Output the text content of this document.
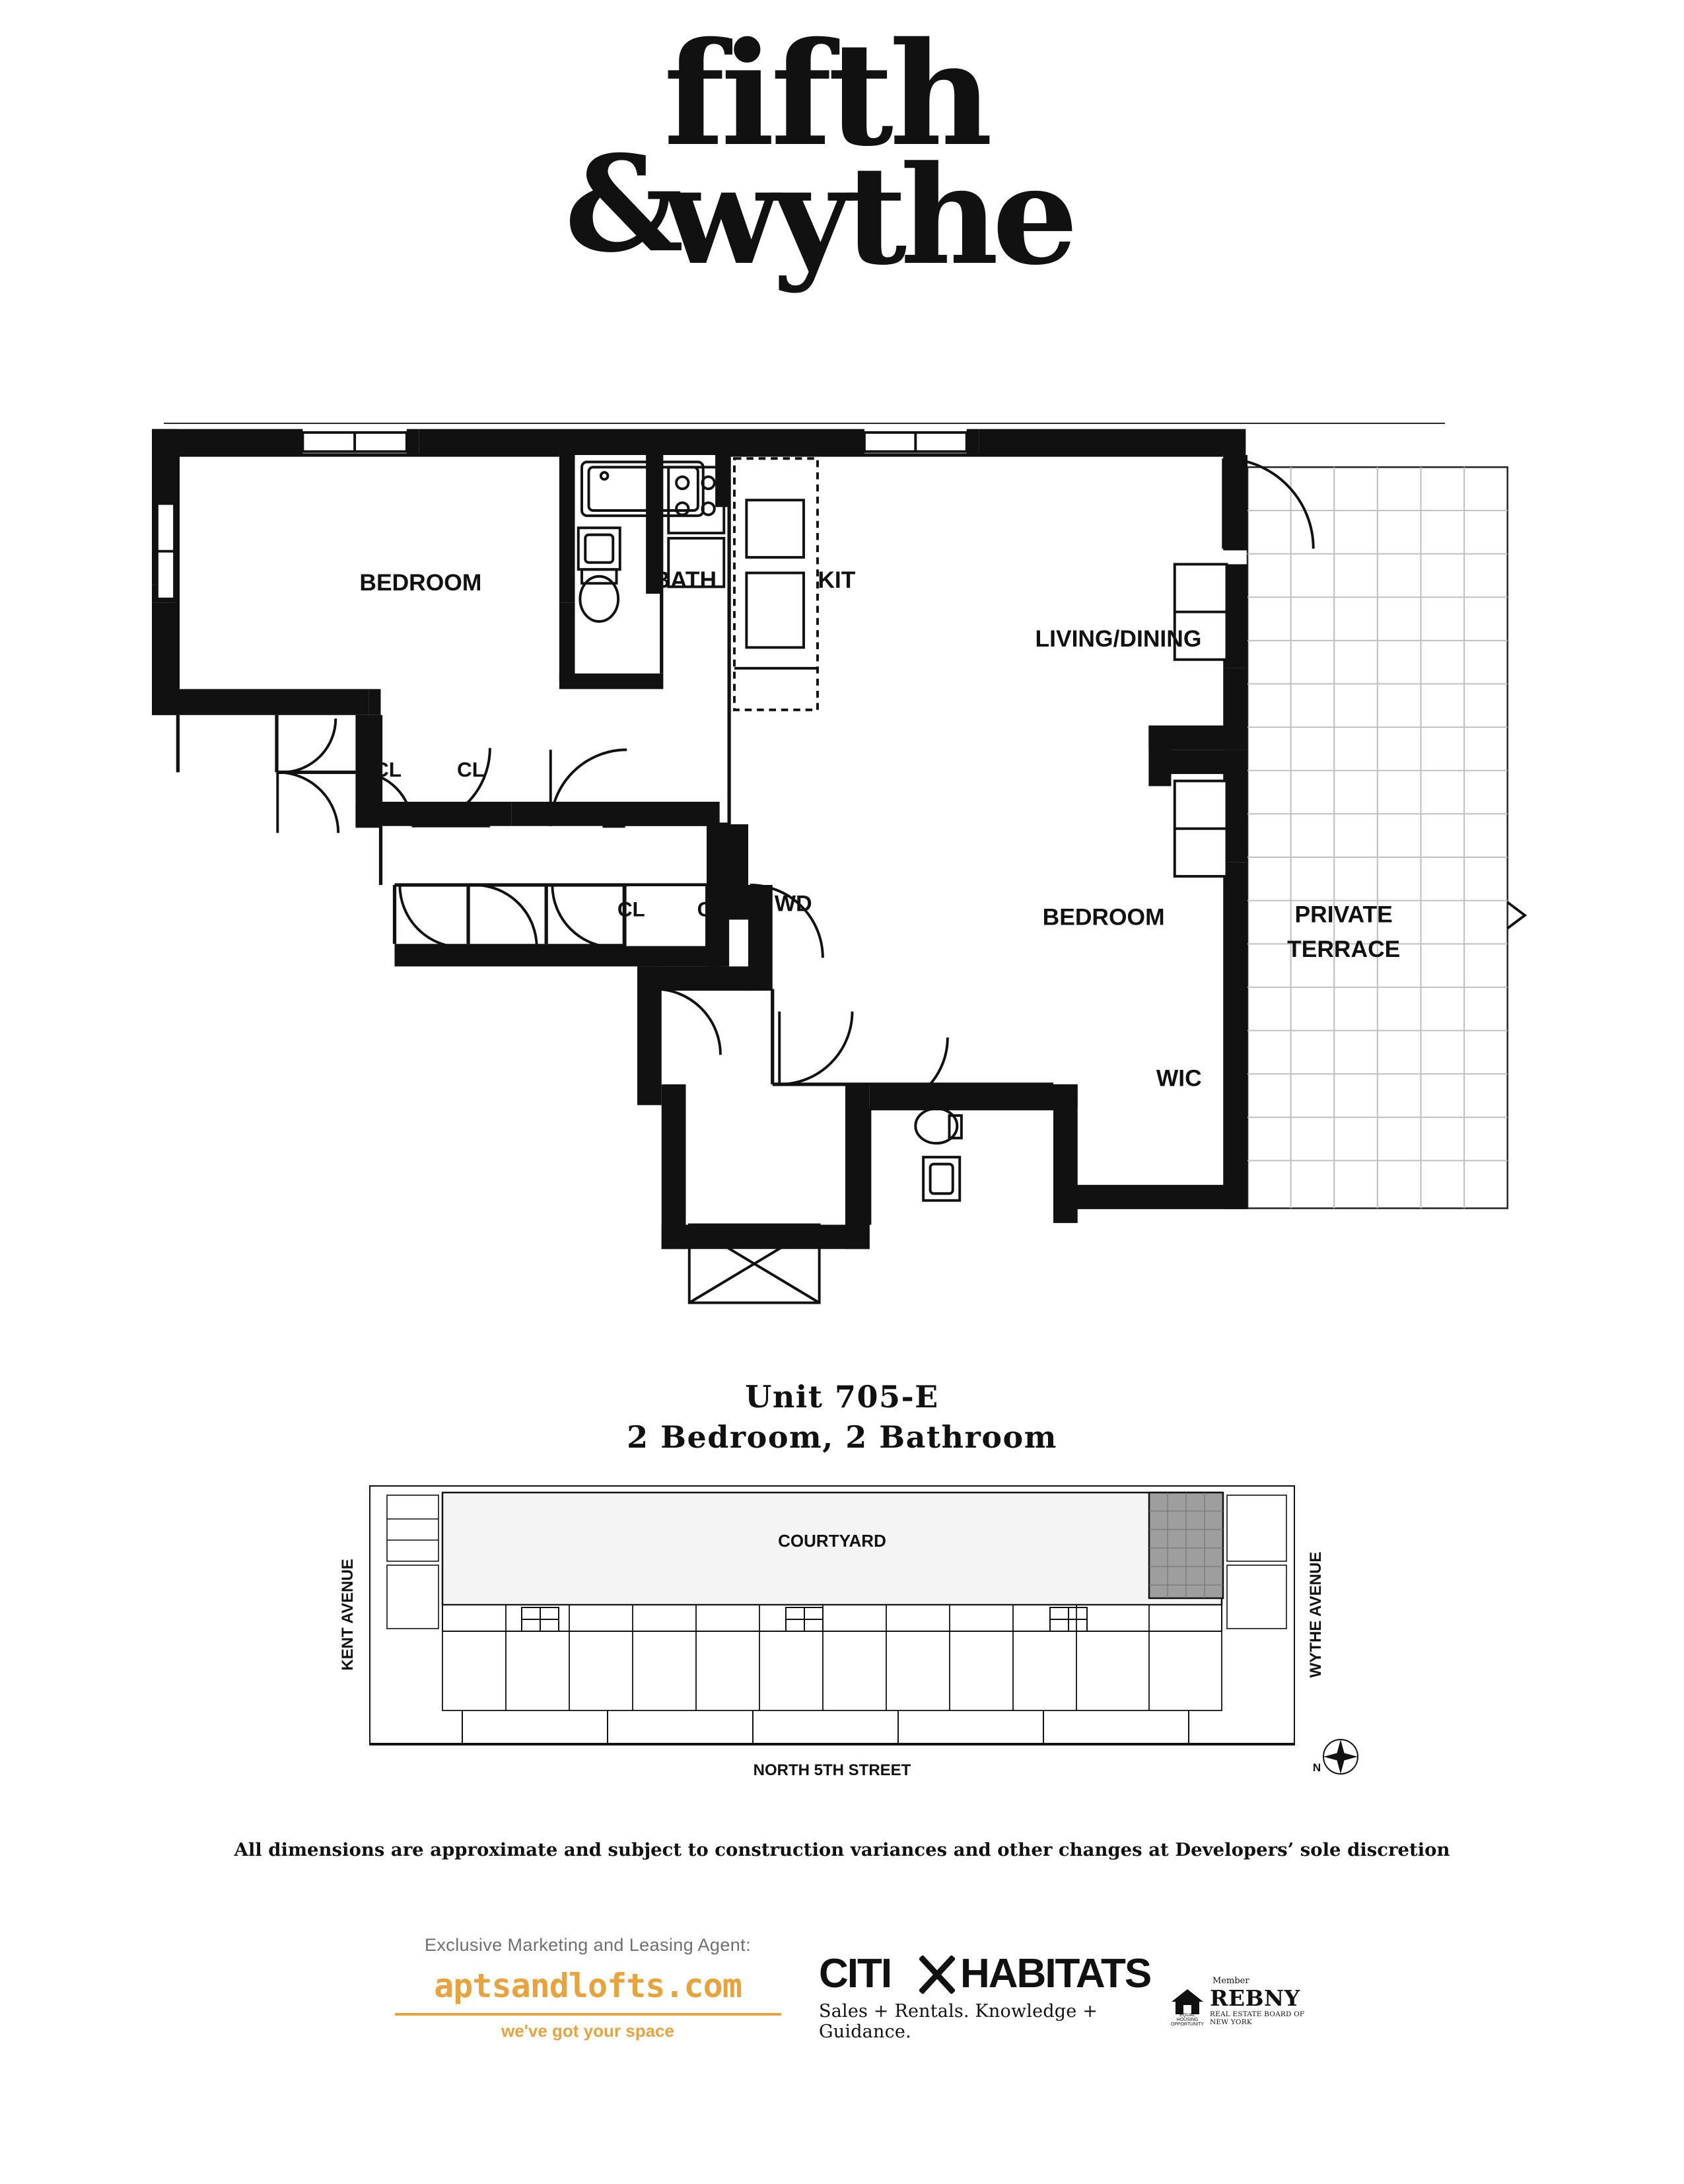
fifth
&
wythe
BEDROOM	BATH	KIT
LIVING/DINING
CL	CL
CL	CL	WD	BEDROOM
BATH
WIC
PRIVATE
TERRACE
Unit 705-E
2 Bedroom, 2 Bathroom
COURTYARD
KENT AVENUE	WYTHE AVENUE
NORTH 5TH STREET	N
All dimensions are approximate and subject to construction variances and other changes at Developers’ sole discretion
Exclusive Marketing and Leasing Agent:
aptsandlofts.com
we've got your space
CITI HABITATS
Sales + Rentals. Knowledge + Guidance.
EQUAL HOUSING OPPORTUNITY
Member
REBNY
REAL ESTATE BOARD OF NEW YORK
